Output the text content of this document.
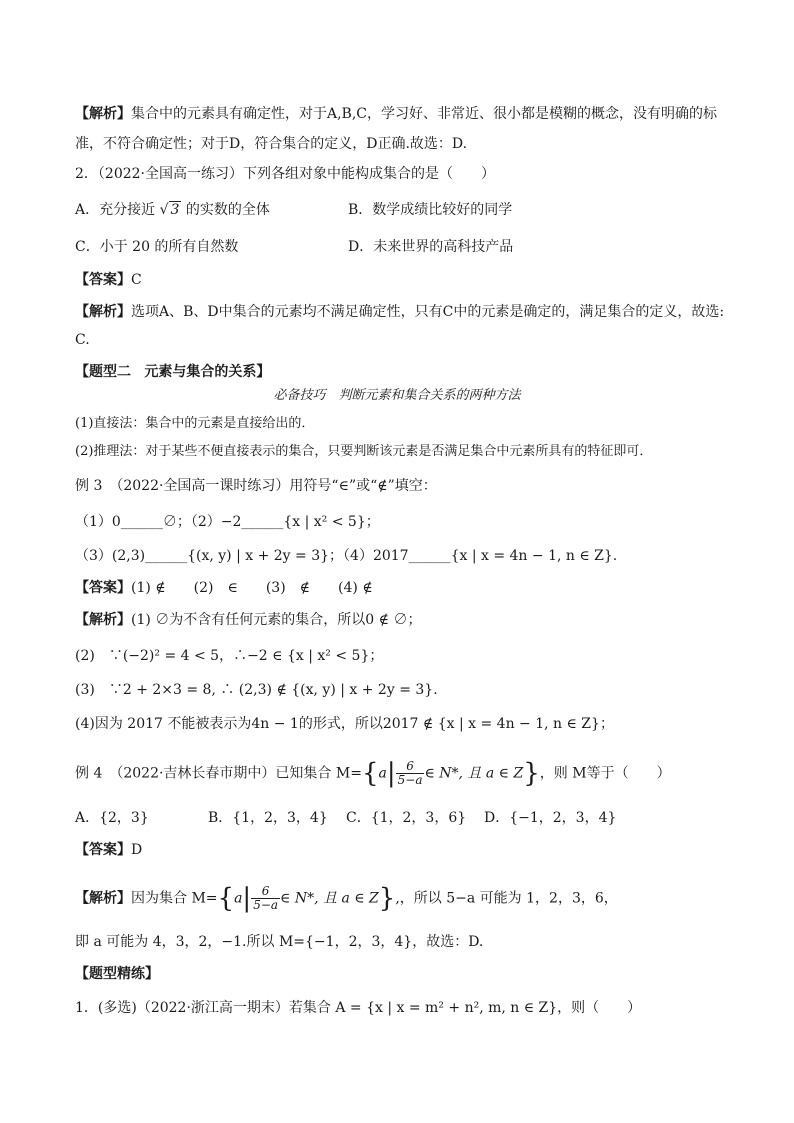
【解析】集合中的元素具有确定性，对于A,B,C，学习好、非常近、很小都是模糊的概念，没有明确的标
准，不符合确定性；对于D，符合集合的定义，D正确.故选：D.
2．（2022·全国高一练习）下列各组对象中能构成集合的是（　　）
A．充分接近 √ 3 的实数的全体	B．数学成绩比较好的同学
C．小于 20 的所有自然数	D．未来世界的高科技产品
【答案】C
【解析】选项A、B、D中集合的元素均不满足确定性，只有C中的元素是确定的，满足集合的定义，故选:
C.
【题型二 元素与集合的关系】
必备技巧　判断元素和集合关系的两种方法
(1)直接法：集合中的元素是直接给出的．
(2)推理法：对于某些不便直接表示的集合，只要判断该元素是否满足集合中元素所具有的特征即可．
例 3　（2022·全国高一课时练习）用符号“∈”或“∉”填空：
（1）0______∅；（2）−2______{x | x² < 5}；
（3）(2,3)______{(x, y) | x + 2y = 3}；（4）2017______{x | x = 4n − 1, n ∈ Z}.
【答案】(1) ∉　　(2)　∈　　(3)　∉　　(4) ∉
【解析】(1) ∅为不含有任何元素的集合，所以0 ∉ ∅；
(2)　∵(−2)² = 4 < 5，∴−2 ∈ {x | x² < 5}；
(3)　∵2 + 2×3 = 8, ∴ (2,3) ∉ {(x, y) | x + 2y = 3}.
(4)因为 2017 不能被表示为4n − 1的形式，所以2017 ∉ {x | x = 4n − 1, n ∈ Z}；
例 4　（2022·吉林长春市期中）已知集合 $M=\{a| \frac{6}{5-a}$ ∈ N*, 且 a ∈ Z}，则 M等于（　　）
A．{2，3}	B．{1，2，3，4} C．{1，2，3，6} D．{−1，2，3，4}
【答案】D
【解析】因为集合 $M=\{a| \frac{6}{5-a}$ ∈ N*, 且 a ∈ Z},，所以 5−a 可能为 1，2，3，6，
即 a 可能为 4，3，2，−1.所以 M={−1，2，3，4}，故选：D.
【题型精练】
1．(多选)（2022·浙江高一期末）若集合 A = {x | x = m² + n², m, n ∈ Z}，则（　　）
